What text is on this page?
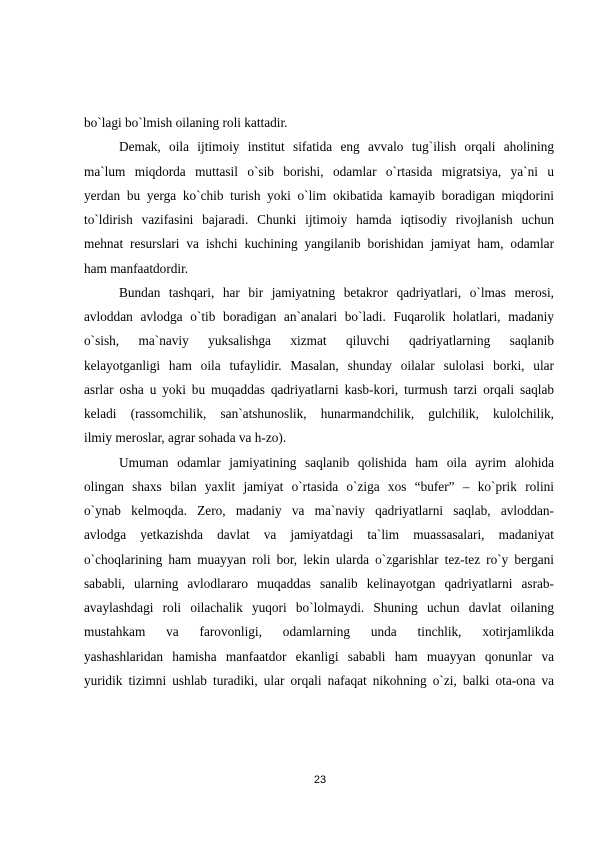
bo`lagi bo`lmish oilaning roli kattadir.
Demak, oila ijtimoiy institut sifatida eng avvalo tug`ilish orqali aholining
ma`lum miqdorda muttasil o`sib borishi, odamlar o`rtasida migratsiya, ya`ni u
yerdan bu yerga ko`chib turish yoki o`lim okibatida kamayib boradigan miqdorini
to`ldirish vazifasini bajaradi. Chunki ijtimoiy hamda iqtisodiy rivojlanish uchun
mehnat resurslari va ishchi kuchining yangilanib borishidan jamiyat ham, odamlar
ham manfaatdordir.
Bundan tashqari, har bir jamiyatning betakror qadriyatlari, o`lmas merosi,
avloddan avlodga o`tib boradigan an`analari bo`ladi. Fuqarolik holatlari, madaniy
o`sish, ma`naviy yuksalishga xizmat qiluvchi qadriyatlarning saqlanib
kelayotganligi ham oila tufaylidir. Masalan, shunday oilalar sulolasi borki, ular
asrlar osha u yoki bu muqaddas qadriyatlarni kasb-kori, turmush tarzi orqali saqlab
keladi (rassomchilik, san`atshunoslik, hunarmandchilik, gulchilik, kulolchilik,
ilmiy meroslar, agrar sohada va h-zo).
Umuman odamlar jamiyatining saqlanib qolishida ham oila ayrim alohida
olingan shaxs bilan yaxlit jamiyat o`rtasida o`ziga xos “bufer” – ko`prik rolini
o`ynab kelmoqda. Zero, madaniy va ma`naviy qadriyatlarni saqlab, avloddan-
avlodga yetkazishda davlat va jamiyatdagi ta`lim muassasalari, madaniyat
o`choqlarining ham muayyan roli bor, lekin ularda o`zgarishlar tez-tez ro`y bergani
sababli, ularning avlodlararo muqaddas sanalib kelinayotgan qadriyatlarni asrab-
avaylashdagi roli oilachalik yuqori bo`lolmaydi. Shuning uchun davlat oilaning
mustahkam va farovonligi, odamlarning unda tinchlik, xotirjamlikda
yashashlaridan hamisha manfaatdor ekanligi sababli ham muayyan qonunlar va
yuridik tizimni ushlab turadiki, ular orqali nafaqat nikohning o`zi, balki ota-ona va
23
